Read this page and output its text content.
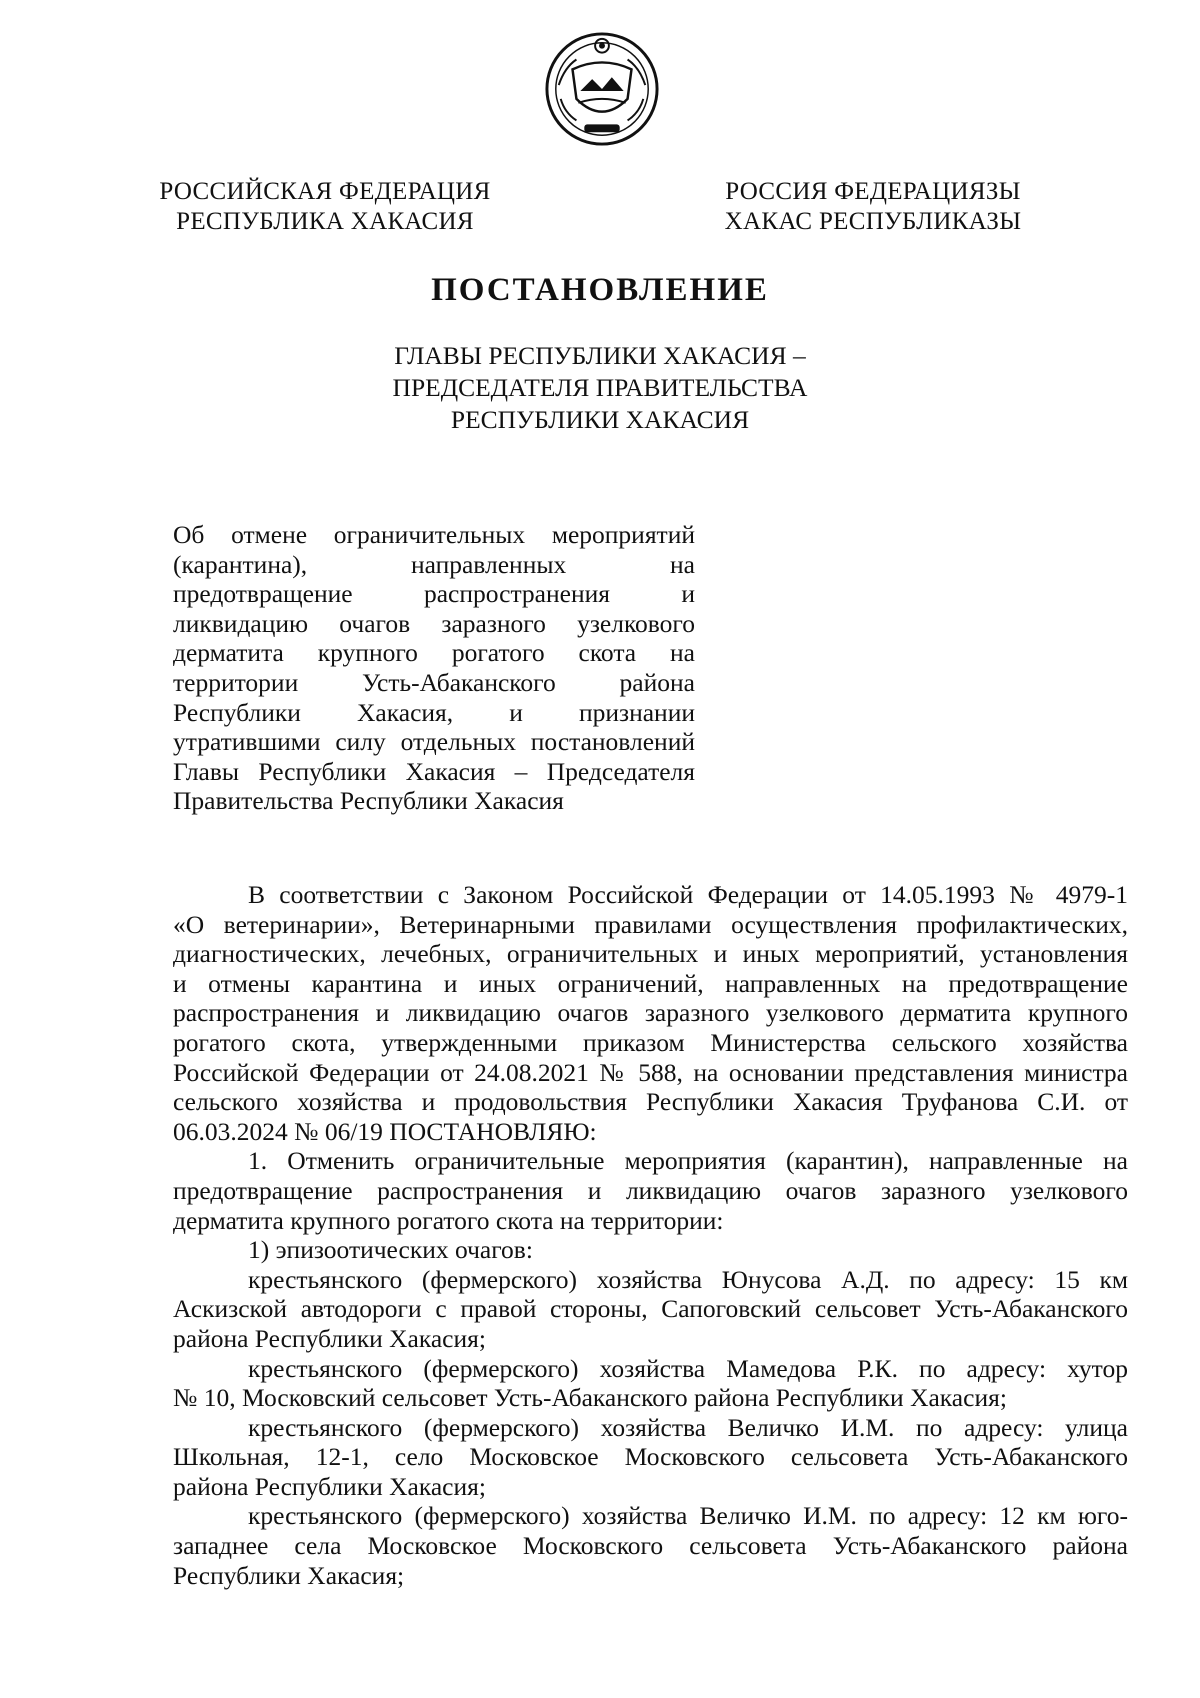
РОССИЙСКАЯ ФЕДЕРАЦИЯ
РЕСПУБЛИКА ХАКАСИЯ
РОССИЯ ФЕДЕРАЦИЯЗЫ
ХАКАС РЕСПУБЛИКАЗЫ
ПОСТАНОВЛЕНИЕ
ГЛАВЫ РЕСПУБЛИКИ ХАКАСИЯ –
ПРЕДСЕДАТЕЛЯ ПРАВИТЕЛЬСТВА
РЕСПУБЛИКИ ХАКАСИЯ
Об отмене ограничительных мероприятий
(карантина), направленных на
предотвращение распространения и
ликвидацию очагов заразного узелкового
дерматита крупного рогатого скота на
территории Усть-Абаканского района
Республики Хакасия, и признании
утратившими силу отдельных постановлений
Главы Республики Хакасия – Председателя
Правительства Республики Хакасия
В соответствии с Законом Российской Федерации от 14.05.1993 № 4979-1
«О ветеринарии», Ветеринарными правилами осуществления профилактических,
диагностических, лечебных, ограничительных и иных мероприятий, установления
и отмены карантина и иных ограничений, направленных на предотвращение
распространения и ликвидацию очагов заразного узелкового дерматита крупного
рогатого скота, утвержденными приказом Министерства сельского хозяйства
Российской Федерации от 24.08.2021 № 588, на основании представления министра
сельского хозяйства и продовольствия Республики Хакасия Труфанова С.И. от
06.03.2024 № 06/19 ПОСТАНОВЛЯЮ:
1. Отменить ограничительные мероприятия (карантин), направленные на
предотвращение распространения и ликвидацию очагов заразного узелкового
дерматита крупного рогатого скота на территории:
1) эпизоотических очагов:
крестьянского (фермерского) хозяйства Юнусова А.Д. по адресу: 15 км
Аскизской автодороги с правой стороны, Сапоговский сельсовет Усть-Абаканского
района Республики Хакасия;
крестьянского (фермерского) хозяйства Мамедова Р.К. по адресу: хутор
№ 10, Московский сельсовет Усть-Абаканского района Республики Хакасия;
крестьянского (фермерского) хозяйства Величко И.М. по адресу: улица
Школьная, 12-1, село Московское Московского сельсовета Усть-Абаканского
района Республики Хакасия;
крестьянского (фермерского) хозяйства Величко И.М. по адресу: 12 км юго-
западнее села Московское Московского сельсовета Усть-Абаканского района
Республики Хакасия;
